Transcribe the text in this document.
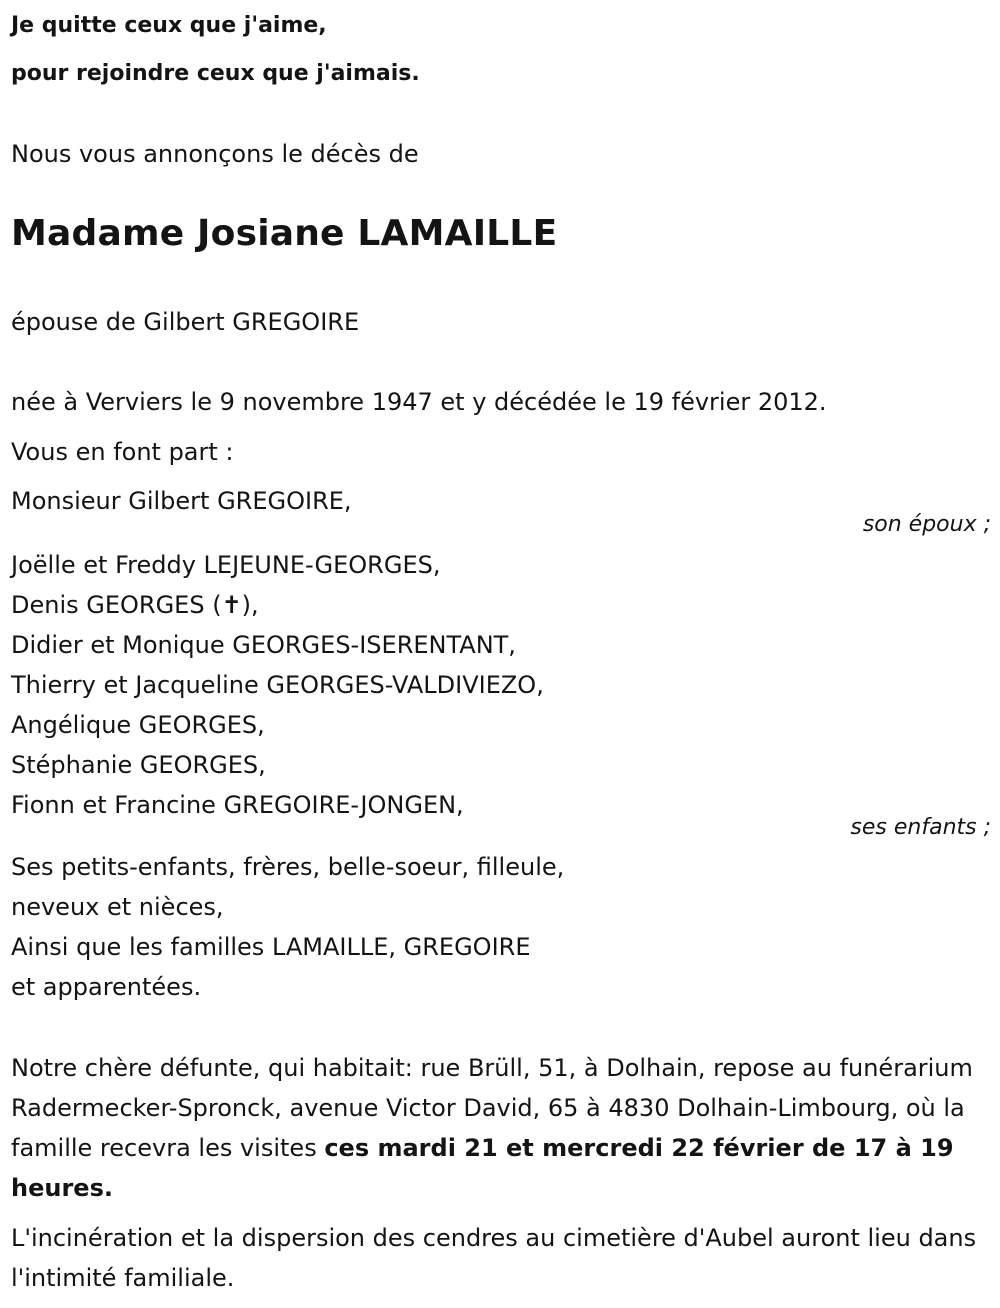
Je quitte ceux que j'aime,
pour rejoindre ceux que j'aimais.
Nous vous annonçons le décès de
Madame Josiane LAMAILLE
épouse de Gilbert GREGOIRE
née à Verviers le 9 novembre 1947 et y décédée le 19 février 2012.
Vous en font part :
Monsieur Gilbert GREGOIRE,
son époux ;
Joëlle et Freddy LEJEUNE-GEORGES,
Denis GEORGES (✝),
Didier et Monique GEORGES-ISERENTANT,
Thierry et Jacqueline GEORGES-VALDIVIEZO,
Angélique GEORGES,
Stéphanie GEORGES,
Fionn et Francine GREGOIRE-JONGEN,
ses enfants ;
Ses petits-enfants, frères, belle-soeur, filleule,
neveux et nièces,
Ainsi que les familles LAMAILLE, GREGOIRE
et apparentées.
Notre chère défunte, qui habitait: rue Brüll, 51, à Dolhain, repose au funérarium Radermecker-Spronck, avenue Victor David, 65 à 4830 Dolhain-Limbourg, où la famille recevra les visites ces mardi 21 et mercredi 22 février de 17 à 19 heures.
L'incinération et la dispersion des cendres au cimetière d'Aubel auront lieu dans l'intimité familiale.
